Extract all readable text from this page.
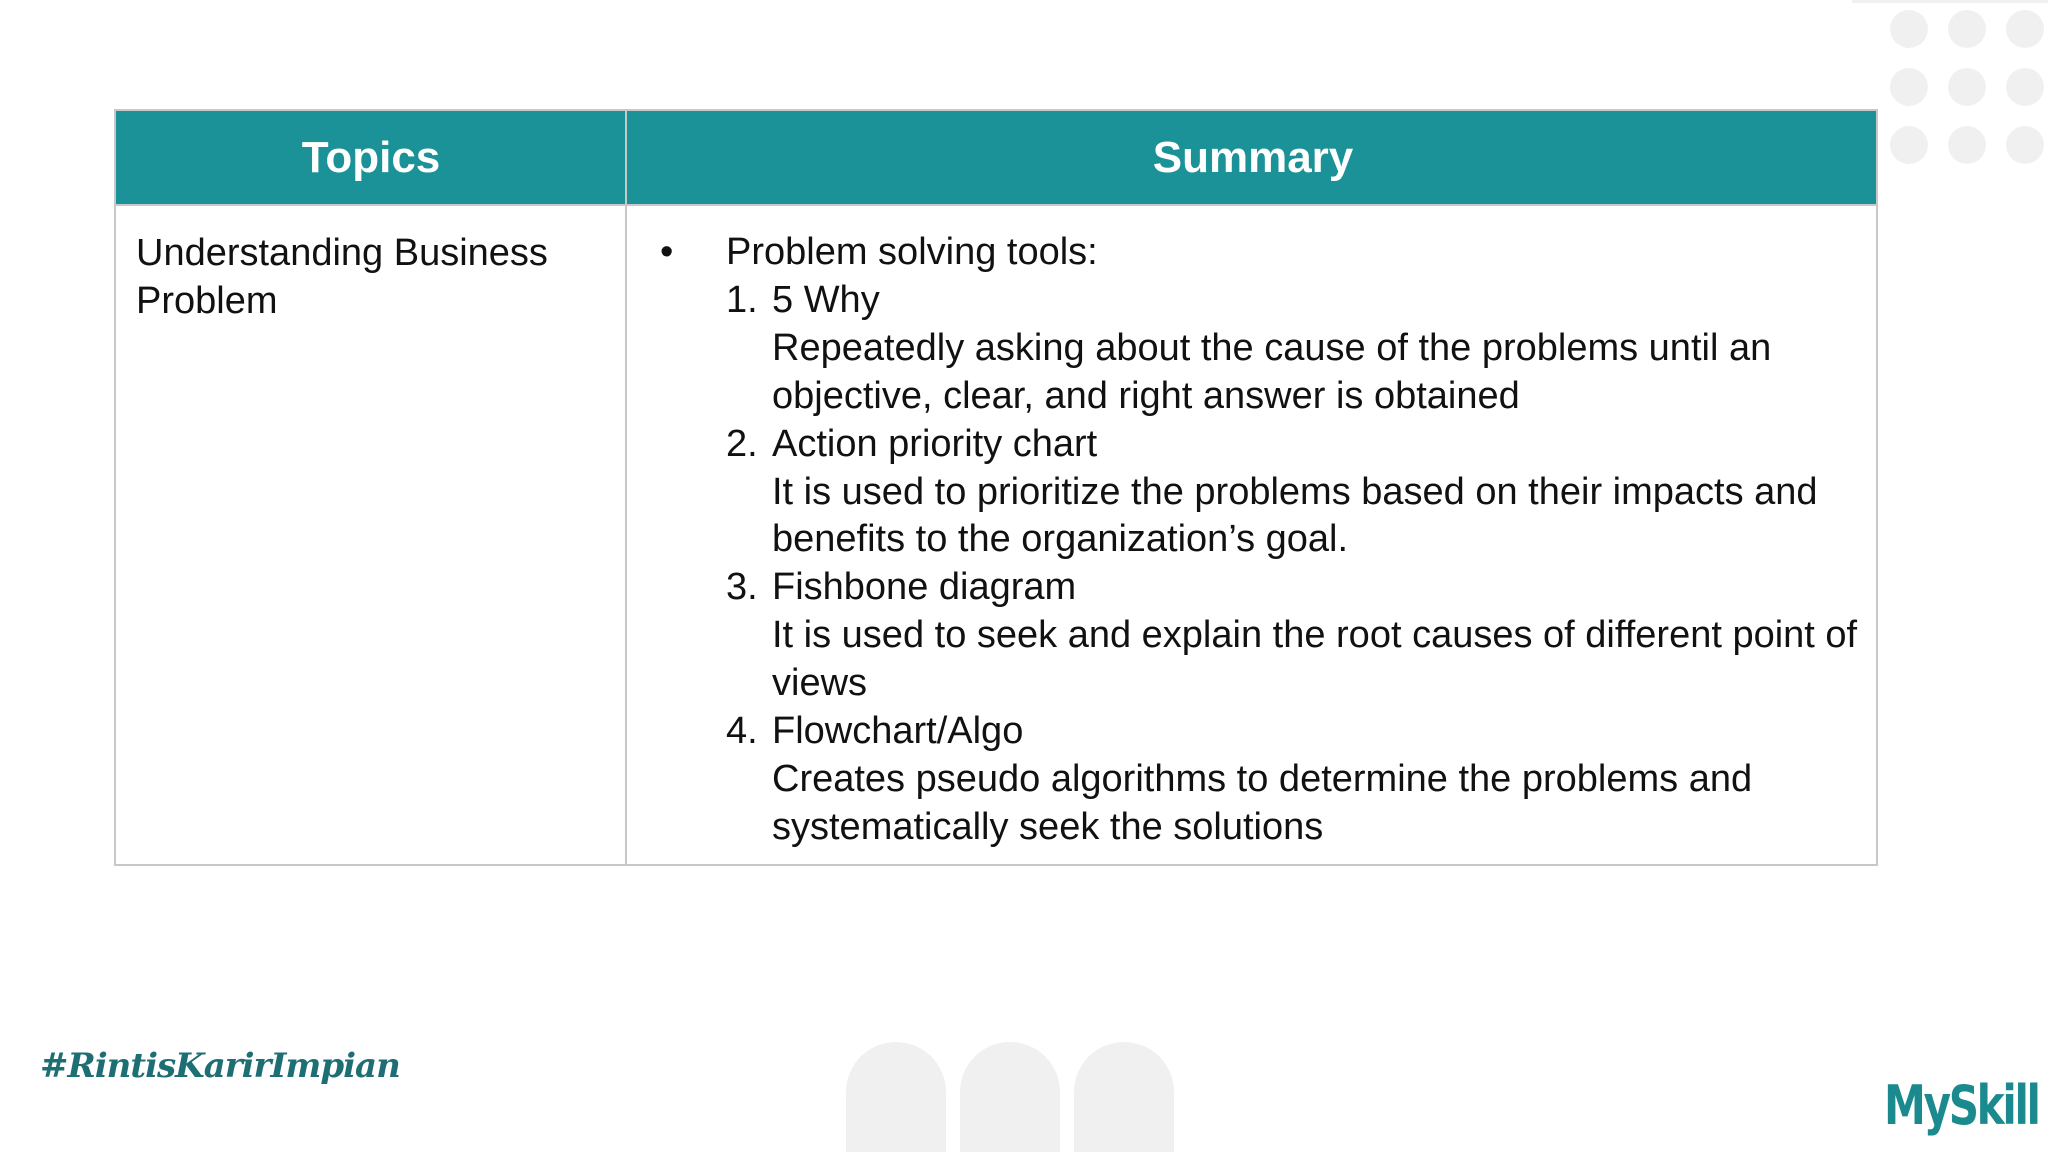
Topics	Summary
Understanding Business Problem
• Problem solving tools:
1. 5 Why
Repeatedly asking about the cause of the problems until an objective, clear, and right answer is obtained
2. Action priority chart
It is used to prioritize the problems based on their impacts and benefits to the organization’s goal.
3. Fishbone diagram
It is used to seek and explain the root causes of different point of views
4. Flowchart/Algo
Creates pseudo algorithms to determine the problems and systematically seek the solutions
#RintisKarirImpian
MySkill
